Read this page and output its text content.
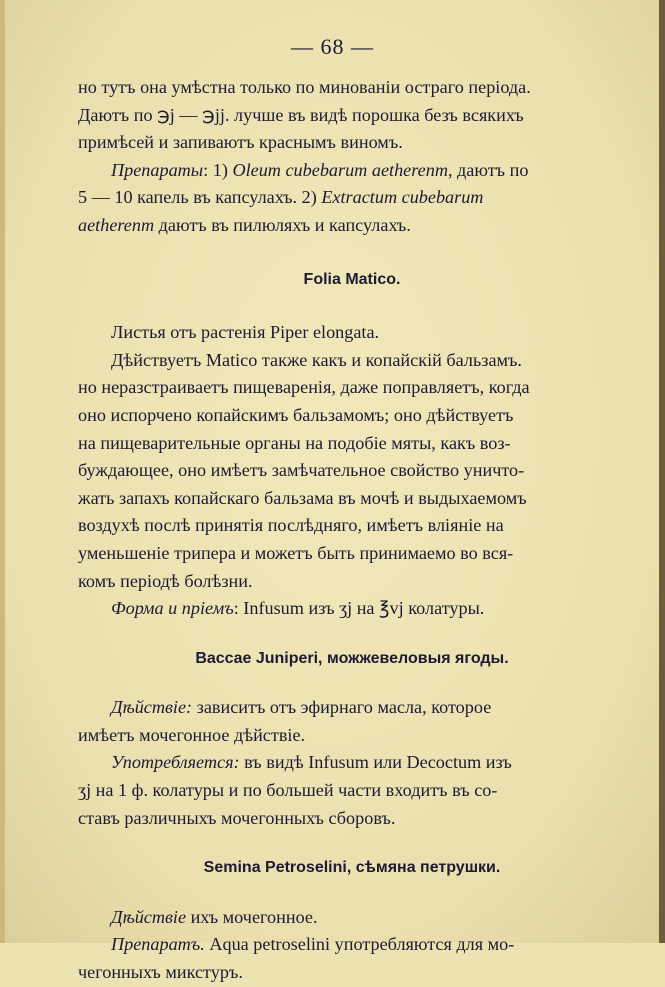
— 68 —

но тутъ она умѣстна только по миновaнiи остраго перiода.

Даютъ по ℈j — ℈jj. лучше въ видѣ порошка безъ всякихъ

примѣсей и запиваютъ краснымъ виномъ.

Препараты: 1) Oleum cubebarum aetherenm, даютъ по

5 — 10 капель въ капсулахъ. 2) Extractum cubebarum

aetherenm даютъ въ пилюляхъ и капсулахъ.

Folia Matico.

Листья отъ растенiя Piper elongata.

Дѣйствуетъ Matico также какъ и копайскiй бальзамъ.

но неразстраиваетъ пищеваренiя, даже поправляетъ, когда

оно испорчено копайскимъ бальзамомъ; оно дѣйствуетъ

на пищеварительные органы на подобiе мяты, какъ воз-

буждающее, оно имѣетъ замѣчательное свойство уничто-

жать запахъ копайскаго бальзама въ мочѣ и выдыхаемомъ

воздухѣ послѣ принятiя послѣдняго, имѣетъ влiянiе на

уменьшенiе трипера и можетъ быть принимаемо во вся-

комъ перiодѣ болѣзни.

Форма и прiемъ: Infusum изъ ʒj на ℥vj колатуры.

Baccae Juniperi, можжевеловыя ягоды.

Дѣйствiе: зависитъ отъ эфирнаго масла, которое

имѣетъ мочегонное дѣйствiе.

Употребляется: въ видѣ Infusum или Decoctum изъ

ʒj на 1 ф. колатуры и по большей части входитъ въ со-

ставъ различныхъ мочегонныхъ сборовъ.

Semina Petroselini, сѣмяна петрушки.

Дѣйствiе ихъ мочегонное.

Препаратъ. Aqua petroselini употребляются для мо-

чегонныхъ микстуръ.
